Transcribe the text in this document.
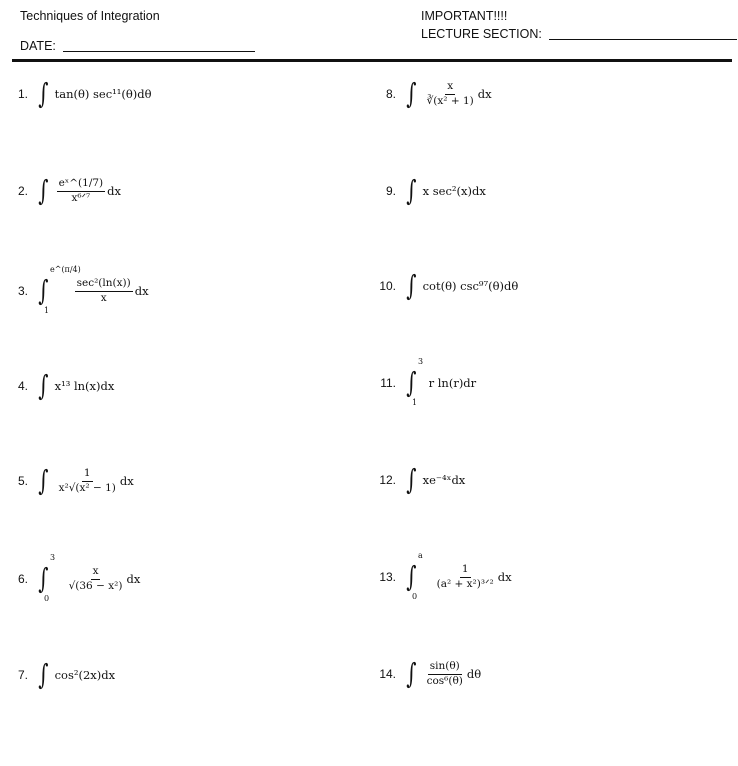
Techniques of Integration
DATE:
IMPORTANT!!!!
LECTURE SECTION:
1. ∫ tan(θ) sec¹¹(θ)dθ
2. ∫ $\frac{\text{eˣ\textasciicircum{}(1/7)}}{\text{x⁶ᐟ⁷}}$ dx
3. ∫
e^(π/4)
1
$\frac{\text{sec²(ln(x))}}{x}$ dx
4. ∫ x¹³ ln(x)dx
5. ∫ $\frac{1}{\text{x²√(x² − 1)}}$ dx
6. ∫
3
0
$\frac{x}{\text{√(36 − x²)}}$ dx
7. ∫ cos²(2x)dx
8. ∫ $\frac{x}{\text{∛(x² + 1)}}$ dx
9. ∫ x sec²(x)dx
10. ∫ cot(θ) csc⁹⁷(θ)dθ
11. ∫
3
1
r ln(r)dr
12. ∫ xe⁻⁴ˣdx
13. ∫
a
0
$\frac{1}{\text{(a² + x²)³ᐟ²}}$ dx
14. ∫ $\frac{\sin(\theta)}{\text{cos⁶(θ)}}$ dθ
